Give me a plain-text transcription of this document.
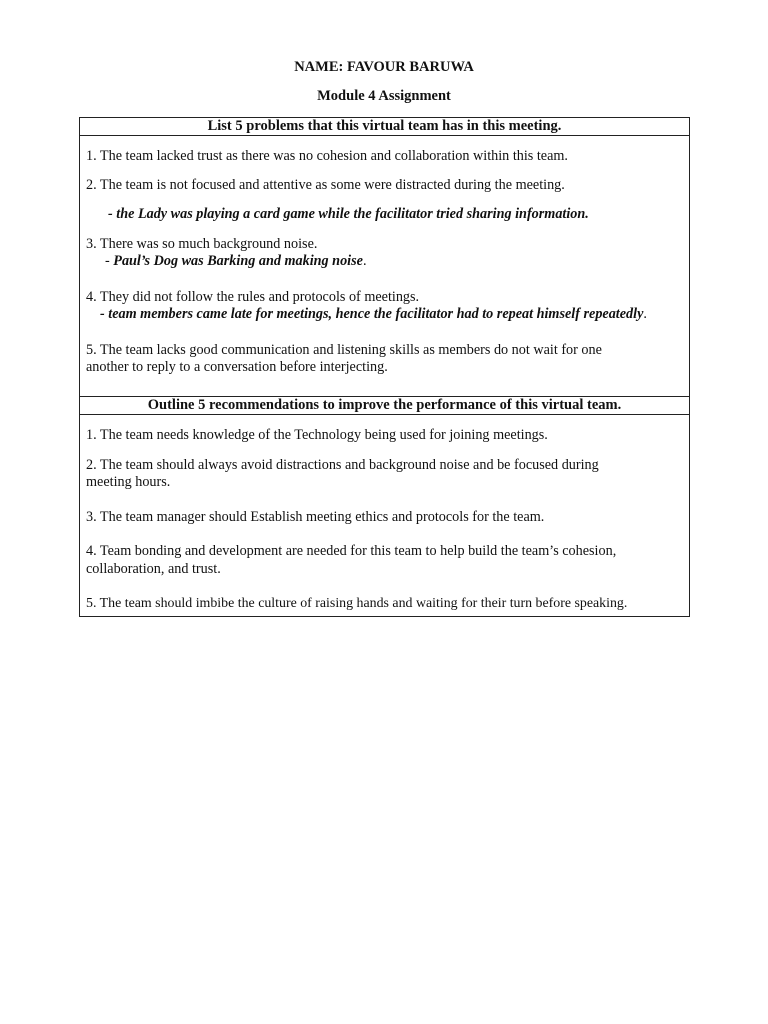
NAME: FAVOUR BARUWA
Module 4 Assignment
List 5 problems that this virtual team has in this meeting.

1. The team lacked trust as there was no cohesion and collaboration within this team.

2. The team is not focused and attentive as some were distracted during the meeting.

- the Lady was playing a card game while the facilitator tried sharing information.

3. There was so much background noise.

- Paul’s Dog was Barking and making noise.

4. They did not follow the rules and protocols of meetings.

- team members came late for meetings, hence the facilitator had to repeat himself repeatedly.

5. The team lacks good communication and listening skills as members do not wait for one another to reply to a conversation before interjecting.

Outline 5 recommendations to improve the performance of this virtual team.

1. The team needs knowledge of the Technology being used for joining meetings.

2. The team should always avoid distractions and background noise and be focused during meeting hours.

3. The team manager should Establish meeting ethics and protocols for the team.

4. Team bonding and development are needed for this team to help build the team’s cohesion, collaboration, and trust.

5. The team should imbibe the culture of raising hands and waiting for their turn before speaking.
